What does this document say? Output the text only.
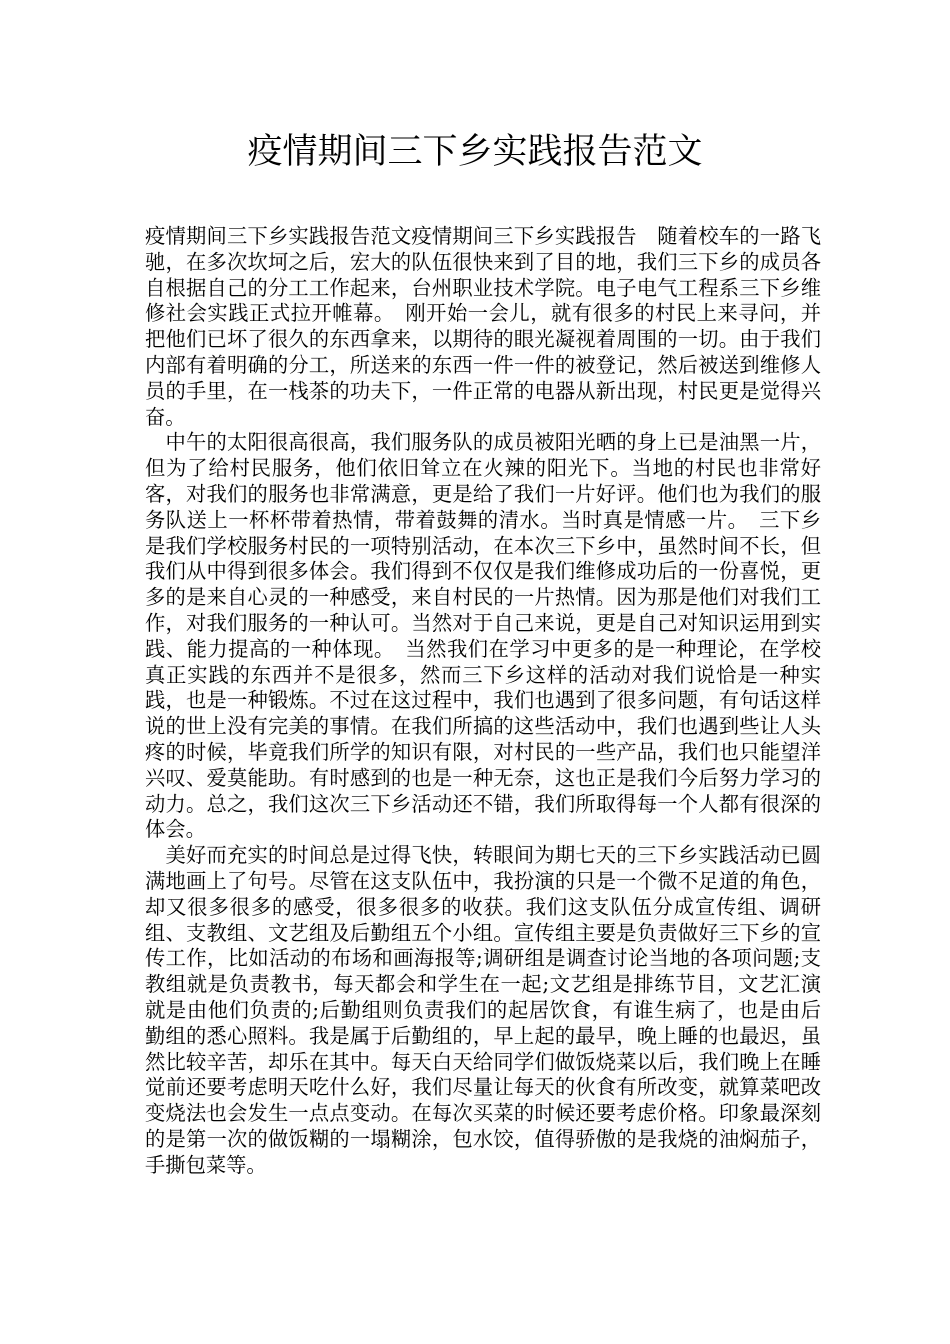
疫情期间三下乡实践报告范文

疫情期间三下乡实践报告范文疫情期间三下乡实践报告　随着校车的一路飞驰，在多次坎坷之后，宏大的队伍很快来到了目的地，我们三下乡的成员各自根据自己的分工工作起来，台州职业技术学院。电子电气工程系三下乡维修社会实践正式拉开帷幕。　刚开始一会儿，就有很多的村民上来寻问，并把他们已坏了很久的东西拿来，以期待的眼光凝视着周围的一切。由于我们内部有着明确的分工，所送来的东西一件一件的被登记，然后被送到维修人员的手里，在一栈茶的功夫下，一件正常的电器从新出现，村民更是觉得兴奋。

　中午的太阳很高很高，我们服务队的成员被阳光晒的身上已是油黑一片，但为了给村民服务，他们依旧耸立在火辣的阳光下。当地的村民也非常好客，对我们的服务也非常满意，更是给了我们一片好评。他们也为我们的服务队送上一杯杯带着热情，带着鼓舞的清水。当时真是情感一片。　三下乡是我们学校服务村民的一项特别活动，在本次三下乡中，虽然时间不长，但我们从中得到很多体会。我们得到不仅仅是我们维修成功后的一份喜悦，更多的是来自心灵的一种感受，来自村民的一片热情。因为那是他们对我们工作，对我们服务的一种认可。当然对于自己来说，更是自己对知识运用到实践、能力提高的一种体现。　当然我们在学习中更多的是一种理论，在学校真正实践的东西并不是很多，然而三下乡这样的活动对我们说恰是一种实践，也是一种锻炼。不过在这过程中，我们也遇到了很多问题，有句话这样说的世上没有完美的事情。在我们所搞的这些活动中，我们也遇到些让人头疼的时候，毕竟我们所学的知识有限，对村民的一些产品，我们也只能望洋兴叹、爱莫能助。有时感到的也是一种无奈，这也正是我们今后努力学习的动力。总之，我们这次三下乡活动还不错，我们所取得每一个人都有很深的体会。

　美好而充实的时间总是过得飞快，转眼间为期七天的三下乡实践活动已圆满地画上了句号。尽管在这支队伍中，我扮演的只是一个微不足道的角色，却又很多很多的感受，很多很多的收获。我们这支队伍分成宣传组、调研组、支教组、文艺组及后勤组五个小组。宣传组主要是负责做好三下乡的宣传工作，比如活动的布场和画海报等;调研组是调查讨论当地的各项问题;支教组就是负责教书，每天都会和学生在一起;文艺组是排练节目，文艺汇演就是由他们负责的;后勤组则负责我们的起居饮食，有谁生病了，也是由后勤组的悉心照料。我是属于后勤组的，早上起的最早，晚上睡的也最迟，虽然比较辛苦，却乐在其中。每天白天给同学们做饭烧菜以后，我们晚上在睡觉前还要考虑明天吃什么好，我们尽量让每天的伙食有所改变，就算菜吧改变烧法也会发生一点点变动。在每次买菜的时候还要考虑价格。印象最深刻的是第一次的做饭糊的一塌糊涂，包水饺，值得骄傲的是我烧的油焖茄子，手撕包菜等。
